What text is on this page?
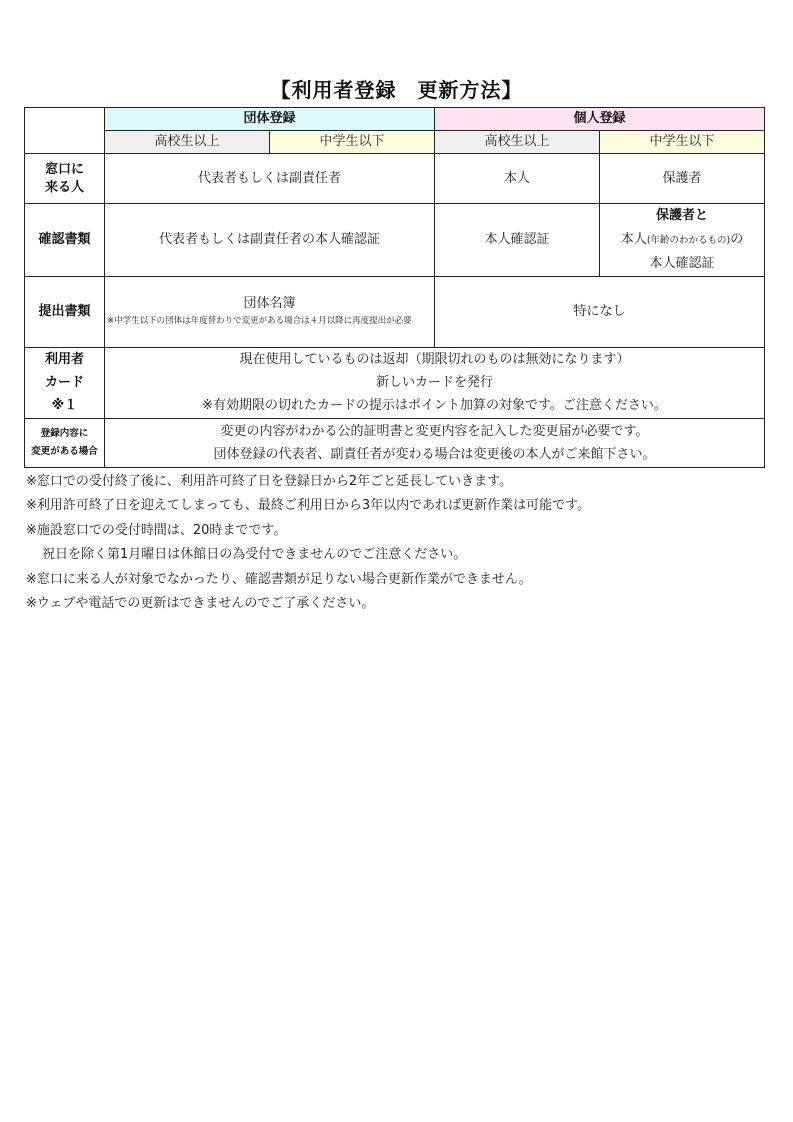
【利用者登録　更新方法】
	団体登録		個人登録	
	高校生以上	中学生以下	高校生以上	中学生以下

窓口に
来る人	代表者もしくは副責任者		本人	保護者
確認書類	代表者もしくは副責任者の本人確認証		本人確認証	保護者と
本人(年齢のわかるもの)の
本人確認証

提出書類	団体名簿
※中学生以下の団体は年度替わりで変更がある場合は４月以降に再度提出が必要		特になし	

利用者
カード
※１	現在使用しているものは返却（期限切れのものは無効になります）
新しいカードを発行
※有効期限の切れたカードの提示はポイント加算の対象です。ご注意ください。			

登録内容に
変更がある場合	変更の内容がわかる公的証明書と変更内容を記入した変更届が必要です。
団体登録の代表者、副責任者が変わる場合は変更後の本人がご来館下さい。			
※窓口での受付終了後に、利用許可終了日を登録日から2年ごと延長していきます。
※利用許可終了日を迎えてしまっても、最終ご利用日から3年以内であれば更新作業は可能です。
※施設窓口での受付時間は、20時までです。
祝日を除く第1月曜日は休館日の為受付できませんのでご注意ください。
※窓口に来る人が対象でなかったり、確認書類が足りない場合更新作業ができません。
※ウェブや電話での更新はできませんのでご了承ください。
